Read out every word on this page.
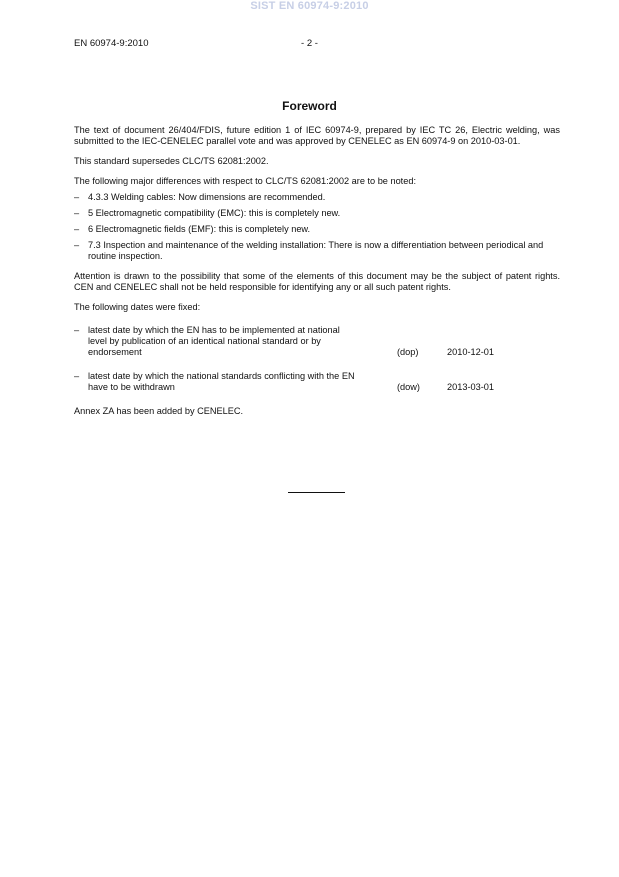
SIST EN 60974-9:2010
EN 60974-9:2010	- 2 -
Foreword

The text of document 26/404/FDIS, future edition 1 of IEC 60974-9, prepared by IEC TC 26, Electric welding, was submitted to the IEC-CENELEC parallel vote and was approved by CENELEC as EN 60974-9 on 2010-03-01.

This standard supersedes CLC/TS 62081:2002.

The following major differences with respect to CLC/TS 62081:2002 are to be noted:

– 4.3.3 Welding cables: Now dimensions are recommended.
– 5 Electromagnetic compatibility (EMC): this is completely new.
– 6 Electromagnetic fields (EMF): this is completely new.
– 7.3 Inspection and maintenance of the welding installation: There is now a differentiation between periodical and routine inspection.

Attention is drawn to the possibility that some of the elements of this document may be the subject of patent rights. CEN and CENELEC shall not be held responsible for identifying any or all such patent rights.

The following dates were fixed:

– latest date by which the EN has to be implemented at national level by publication of an identical national standard or by endorsement	(dop)	2010-12-01
– latest date by which the national standards conflicting with the EN have to be withdrawn	(dow)	2013-03-01

Annex ZA has been added by CENELEC.
